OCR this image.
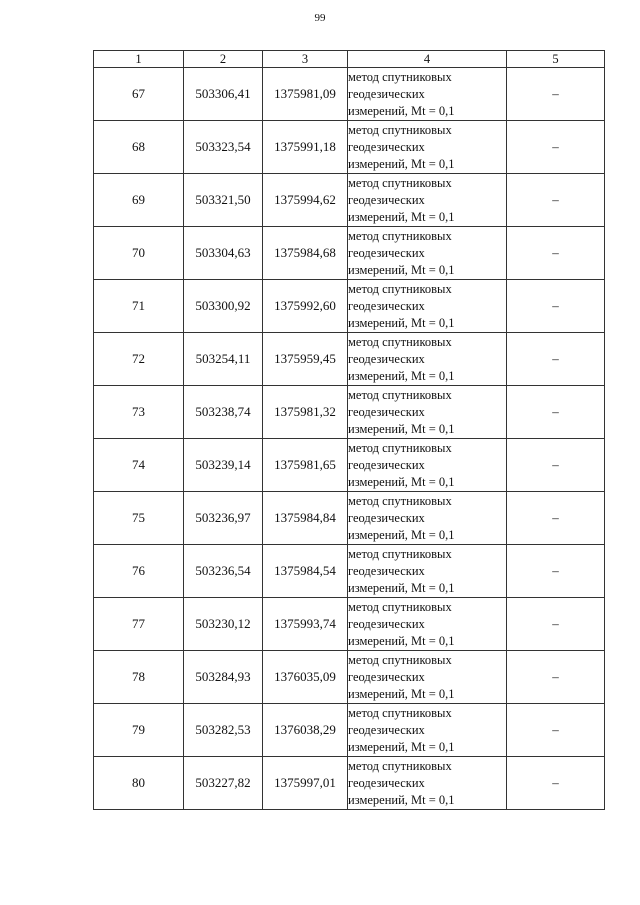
99
1	2	3	4	5
67	503306,41	1375981,09	метод спутниковых
геодезических
измерений, Mt = 0,1	–
68	503323,54	1375991,18	метод спутниковых
геодезических
измерений, Mt = 0,1	–
69	503321,50	1375994,62	метод спутниковых
геодезических
измерений, Mt = 0,1	–
70	503304,63	1375984,68	метод спутниковых
геодезических
измерений, Mt = 0,1	–
71	503300,92	1375992,60	метод спутниковых
геодезических
измерений, Mt = 0,1	–
72	503254,11	1375959,45	метод спутниковых
геодезических
измерений, Mt = 0,1	–
73	503238,74	1375981,32	метод спутниковых
геодезических
измерений, Mt = 0,1	–
74	503239,14	1375981,65	метод спутниковых
геодезических
измерений, Mt = 0,1	–
75	503236,97	1375984,84	метод спутниковых
геодезических
измерений, Mt = 0,1	–
76	503236,54	1375984,54	метод спутниковых
геодезических
измерений, Mt = 0,1	–
77	503230,12	1375993,74	метод спутниковых
геодезических
измерений, Mt = 0,1	–
78	503284,93	1376035,09	метод спутниковых
геодезических
измерений, Mt = 0,1	–
79	503282,53	1376038,29	метод спутниковых
геодезических
измерений, Mt = 0,1	–
80	503227,82	1375997,01	метод спутниковых
геодезических
измерений, Mt = 0,1	–
